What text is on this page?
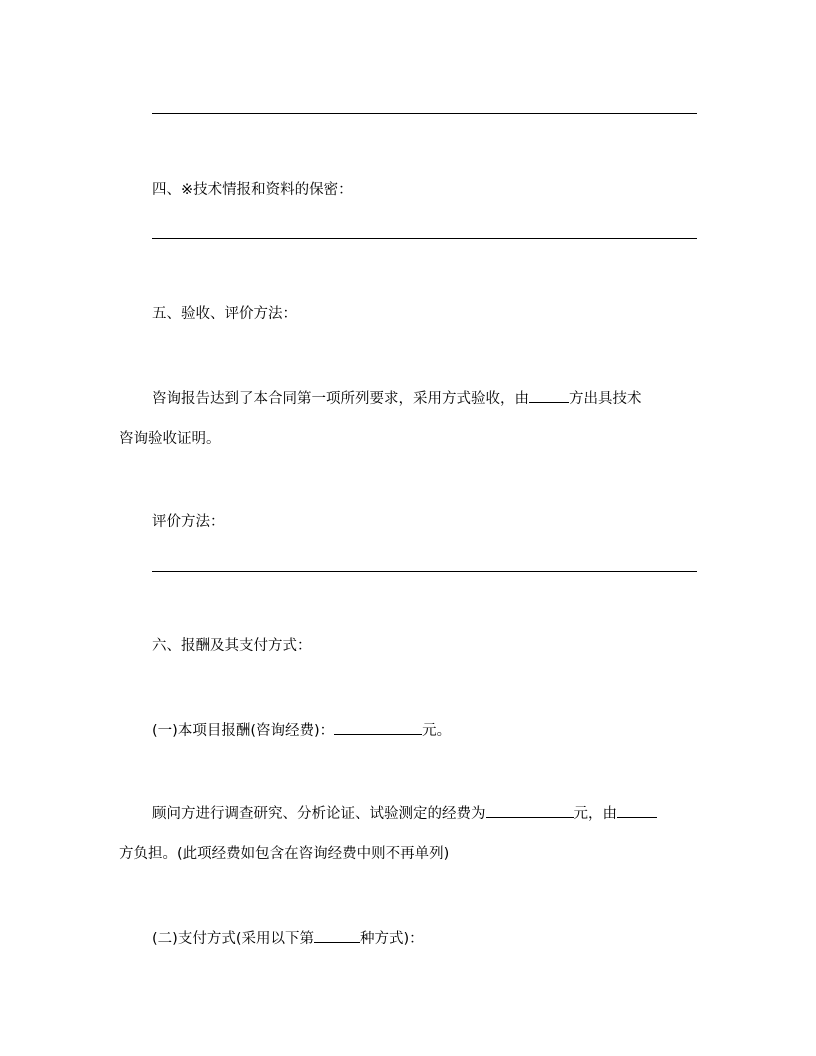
四、※技术情报和资料的保密：
五、验收、评价方法：
咨询报告达到了本合同第一项所列要求，采用方式验收，由	方出具技术
咨询验收证明。
评价方法：
六、报酬及其支付方式：
(一)本项目报酬(咨询经费)：	元。
顾问方进行调查研究、分析论证、试验测定的经费为	元，由
方负担。(此项经费如包含在咨询经费中则不再单列)
(二)支付方式(采用以下第	种方式)：
